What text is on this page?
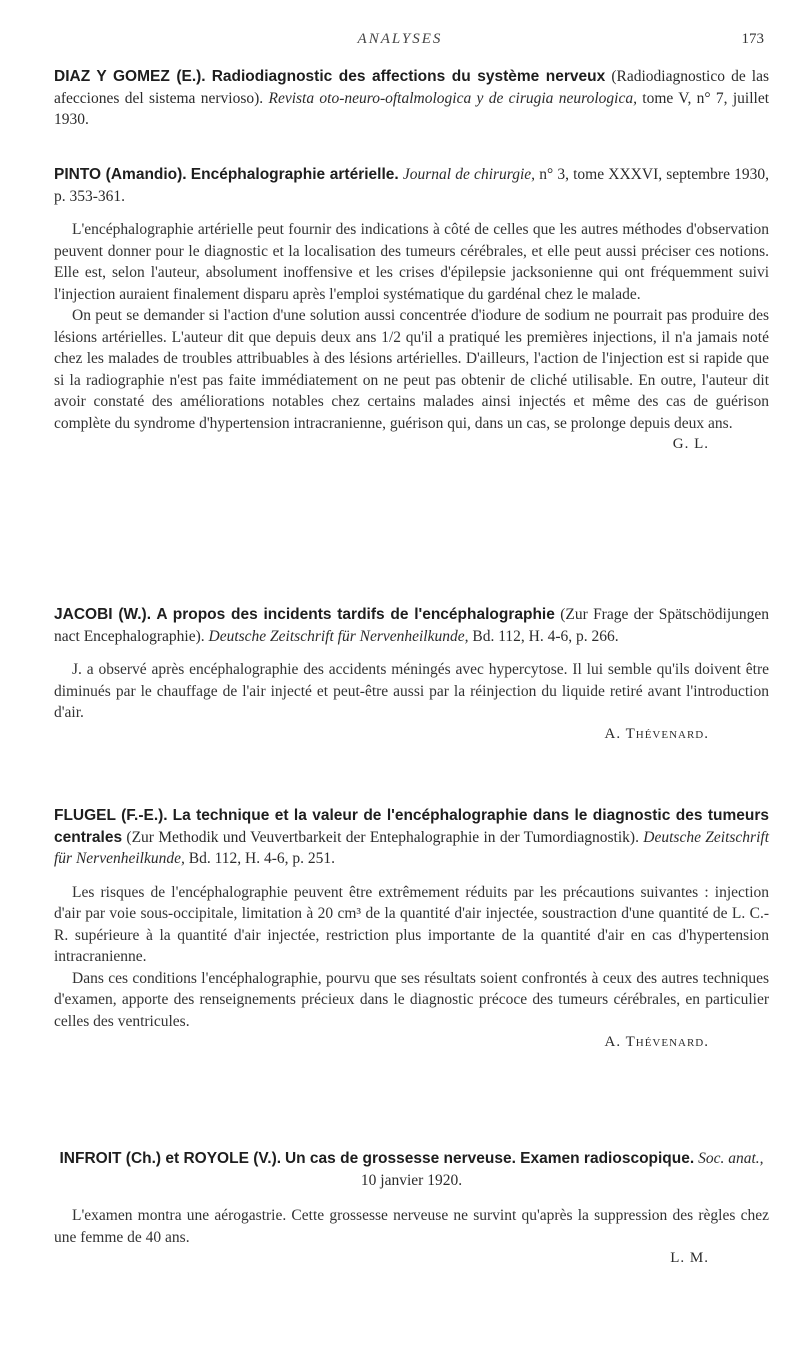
ANALYSES	173

DIAZ Y GOMEZ (E.). Radiodiagnostic des affections du système nerveux (Radiodiagnostico de las afecciones del sistema nervioso). Revista oto-neuro-oftalmologica y de cirugia neurologica, tome V, n° 7, juillet 1930.

PINTO (Amandio). Encéphalographie artérielle. Journal de chirurgie, n° 3, tome XXXVI, septembre 1930, p. 353-361.

L'encéphalographie artérielle peut fournir des indications à côté de celles que les autres méthodes d'observation peuvent donner pour le diagnostic et la localisation des tumeurs cérébrales, et elle peut aussi préciser ces notions. Elle est, selon l'auteur, absolument inoffensive et les crises d'épilepsie jacksonienne qui ont fréquemment suivi l'injection auraient finalement disparu après l'emploi systématique du gardénal chez le malade.

On peut se demander si l'action d'une solution aussi concentrée d'iodure de sodium ne pourrait pas produire des lésions artérielles. L'auteur dit que depuis deux ans 1/2 qu'il a pratiqué les premières injections, il n'a jamais noté chez les malades de troubles attribuables à des lésions artérielles. D'ailleurs, l'action de l'injection est si rapide que si la radiographie n'est pas faite immédiatement on ne peut pas obtenir de cliché utilisable. En outre, l'auteur dit avoir constaté des améliorations notables chez certains malades ainsi injectés et même des cas de guérison complète du syndrome d'hypertension intracranienne, guérison qui, dans un cas, se prolonge depuis deux ans.

G. L.

JACOBI (W.). A propos des incidents tardifs de l'encéphalographie (Zur Frage der Spätschödijungen nact Encephalographie). Deutsche Zeitschrift für Nervenheilkunde, Bd. 112, H. 4-6, p. 266.

J. a observé après encéphalographie des accidents méningés avec hypercytose. Il lui semble qu'ils doivent être diminués par le chauffage de l'air injecté et peut-être aussi par la réinjection du liquide retiré avant l'introduction d'air.

A. Thévenard.

FLUGEL (F.-E.). La technique et la valeur de l'encéphalographie dans le diagnostic des tumeurs centrales (Zur Methodik und Veuvertbarkeit der Entephalographie in der Tumordiagnostik). Deutsche Zeitschrift für Nervenheilkunde, Bd. 112, H. 4-6, p. 251.

Les risques de l'encéphalographie peuvent être extrêmement réduits par les précautions suivantes : injection d'air par voie sous-occipitale, limitation à 20 cm³ de la quantité d'air injectée, soustraction d'une quantité de L. C.-R. supérieure à la quantité d'air injectée, restriction plus importante de la quantité d'air en cas d'hypertension intracranienne.

Dans ces conditions l'encéphalographie, pourvu que ses résultats soient confrontés à ceux des autres techniques d'examen, apporte des renseignements précieux dans le diagnostic précoce des tumeurs cérébrales, en particulier celles des ventricules.

A. Thévenard.

INFROIT (Ch.) et ROYOLE (V.). Un cas de grossesse nerveuse. Examen radioscopique. Soc. anat., 10 janvier 1920.

L'examen montra une aérogastrie. Cette grossesse nerveuse ne survint qu'après la suppression des règles chez une femme de 40 ans.

L. M.
